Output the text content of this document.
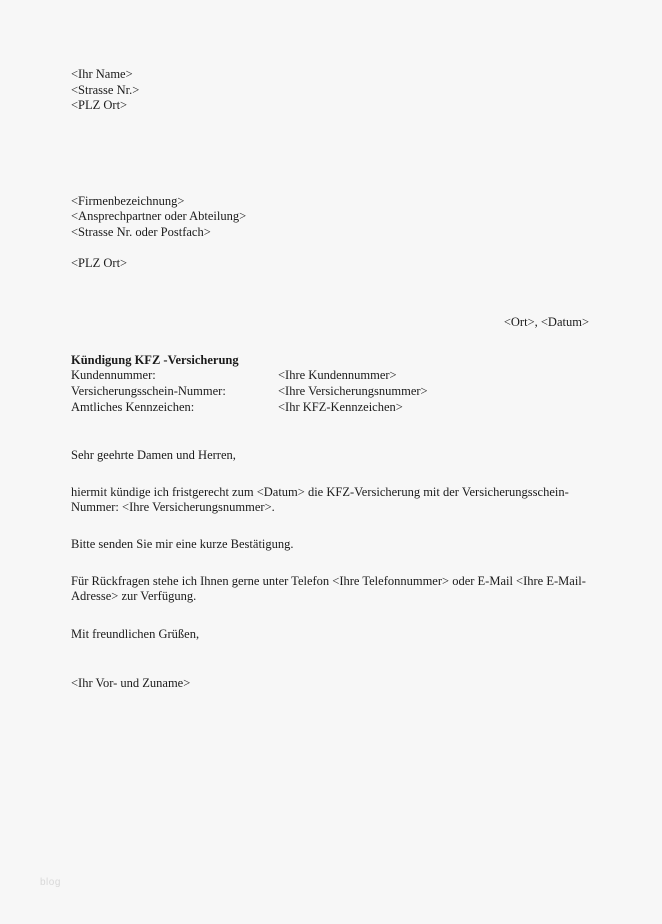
<Ihr Name>
<Strasse Nr.>
<PLZ Ort>
<Firmenbezeichnung>
<Ansprechpartner oder Abteilung>
<Strasse Nr. oder Postfach>
<PLZ Ort>
<Ort>, <Datum>
Kündigung KFZ -Versicherung
Kundennummer:	<Ihre Kundennummer>
Versicherungsschein-Nummer:	<Ihre Versicherungsnummer>
Amtliches Kennzeichen:	<Ihr KFZ-Kennzeichen>
Sehr geehrte Damen und Herren,
hiermit kündige ich fristgerecht zum <Datum> die KFZ-Versicherung mit der Versicherungsschein-Nummer: <Ihre Versicherungsnummer>.
Bitte senden Sie mir eine kurze Bestätigung.
Für Rückfragen stehe ich Ihnen gerne unter Telefon <Ihre Telefonnummer> oder E-Mail <Ihre E-Mail-Adresse> zur Verfügung.
Mit freundlichen Grüßen,
<Ihr Vor- und Zuname>
blog
